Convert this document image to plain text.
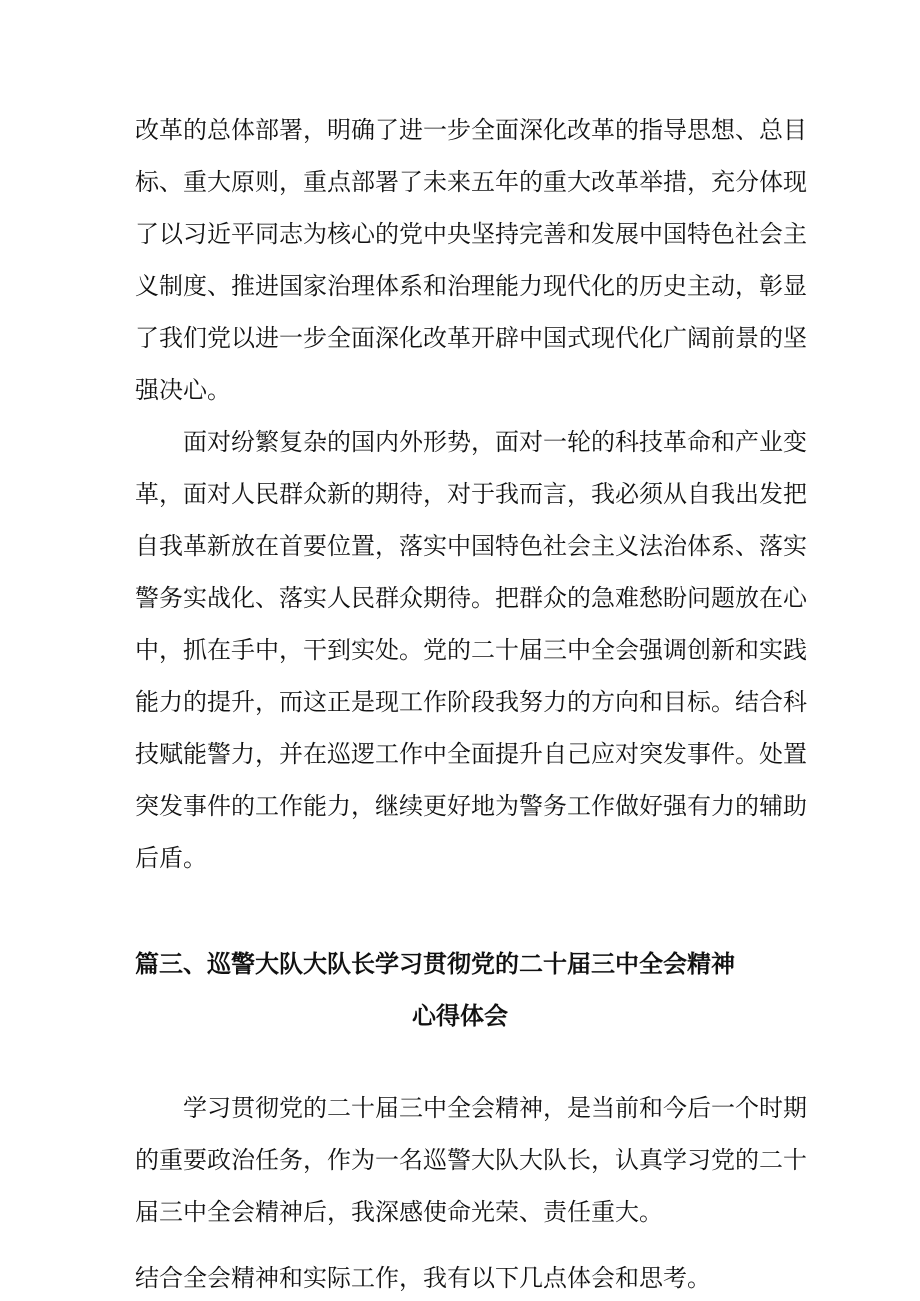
改革的总体部署，明确了进一步全面深化改革的指导思想、总目
标、重大原则，重点部署了未来五年的重大改革举措，充分体现
了以习近平同志为核心的党中央坚持完善和发展中国特色社会主
义制度、推进国家治理体系和治理能力现代化的历史主动，彰显
了我们党以进一步全面深化改革开辟中国式现代化广阔前景的坚
强决心。
面对纷繁复杂的国内外形势，面对一轮的科技革命和产业变
革，面对人民群众新的期待，对于我而言，我必须从自我出发把
自我革新放在首要位置，落实中国特色社会主义法治体系、落实
警务实战化、落实人民群众期待。把群众的急难愁盼问题放在心
中，抓在手中，干到实处。党的二十届三中全会强调创新和实践
能力的提升，而这正是现工作阶段我努力的方向和目标。结合科
技赋能警力，并在巡逻工作中全面提升自己应对突发事件。处置
突发事件的工作能力，继续更好地为警务工作做好强有力的辅助
后盾。
篇三、巡警大队大队长学习贯彻党的二十届三中全会精神
心得体会
学习贯彻党的二十届三中全会精神，是当前和今后一个时期
的重要政治任务，作为一名巡警大队大队长，认真学习党的二十
届三中全会精神后，我深感使命光荣、责任重大。
结合全会精神和实际工作，我有以下几点体会和思考。
